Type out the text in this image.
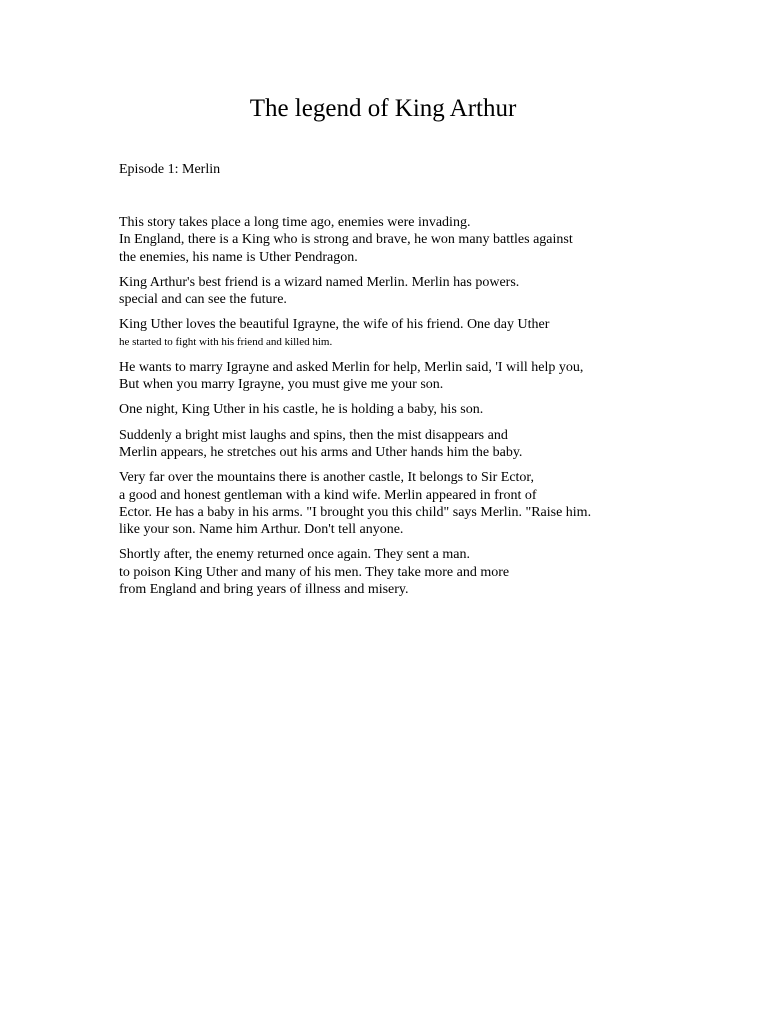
The legend of King Arthur

Episode 1: Merlin

This story takes place a long time ago, enemies were invading.
In England, there is a King who is strong and brave, he won many battles against
the enemies, his name is Uther Pendragon.

King Arthur's best friend is a wizard named Merlin. Merlin has powers.
special and can see the future.

King Uther loves the beautiful Igrayne, the wife of his friend. One day Uther
he started to fight with his friend and killed him.

He wants to marry Igrayne and asked Merlin for help, Merlin said, 'I will help you,
But when you marry Igrayne, you must give me your son.

One night, King Uther in his castle, he is holding a baby, his son.

Suddenly a bright mist laughs and spins, then the mist disappears and
Merlin appears, he stretches out his arms and Uther hands him the baby.

Very far over the mountains there is another castle, It belongs to Sir Ector,
a good and honest gentleman with a kind wife. Merlin appeared in front of
Ector. He has a baby in his arms. "I brought you this child" says Merlin. "Raise him.
like your son. Name him Arthur. Don't tell anyone.

Shortly after, the enemy returned once again. They sent a man.
to poison King Uther and many of his men. They take more and more
from England and bring years of illness and misery.
